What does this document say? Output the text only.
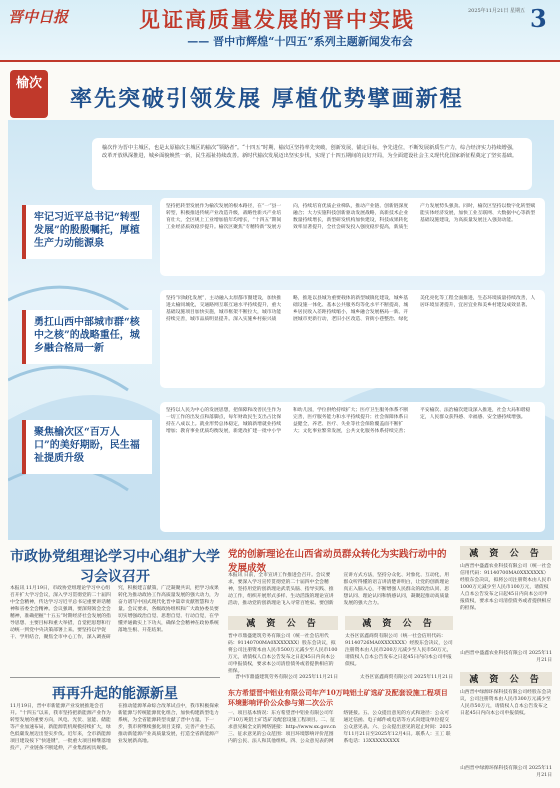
晋中日报	见证高质量发展的晋中实践
—— 晋中市辉煌“十四五”系列主题新闻发布会
2025年11月21日 星期五 3
榆次
率先突破引领发展 厚植优势擘画新程
榆次作为晋中主城区，也是太原榆次主城区的榆次“领路者”。“十四五”时期，榆次区坚持率先突破，创新发展，锚定目标，争先进位，不断发展新质生产力，综合经济实力持续增强，改革开放纵深推进，城乡面貌焕然一新，民生福祉持续改善。新时代榆次发展迈出坚实步伐，实现了十四五期间的良好开局，为全面建设社会主义现代化国家新征程奠定了坚实基础。
牢记习近平总书记“转型发展”的殷殷嘱托，厚植生产力动能源泉
坚持把转型发展作为榆次发展的根本路径，在“一”县一转型，积极推进传统产业改造升级，战略性新兴产业培育壮大，全区规上工业增加值年均增长，“十四五”期间工业经济质效稳步提升。榆次区聚焦“专精特新”发展方向，持续培育优质企业梯队，推动产业链、创新链深度融合；大力实施科技创新驱动发展战略，高新技术企业数量持续增长，新型研发机构加快建设，科技成果转化效率显著提升，全社会研发投入强度稳步提高，新质生产力发展势头强劲。同时，榆次区坚持以数字化转型赋能实体经济发展，加快工业互联网、大数据中心等新型基础设施建设，为高质量发展注入强劲动能。
勇扛山西中部城市群“核中之核”的战略重任，城乡融合格局一新
坚持“同城化发展”，主动融入太原都市圈建设，加快推进太榆同城化，交通路网互联互通水平持续提升，重大基础设施项目加快实施，城市框架不断拉大，城市功能持续完善，城市品质明显提升。深入实施乡村振兴战略，推进以县城为重要载体的新型城镇化建设，城乡基础设施一体化、基本公共服务均等化水平不断提高，城乡居民收入差距持续缩小，城乡融合发展格局一新。开展城市更新行动，老旧小区改造、背街小巷整治、绿化美化亮化等工程全面推进，生态环境质量持续改善，人居环境显著提升，宜居宜业和美乡村建设成效显著。
聚焦榆次区“百万人口”的美好期盼，民生福祉提质升级
坚持以人民为中心的发展思想，把保障和改善民生作为一切工作的出发点和落脚点，每年财政民生支出占比保持在八成以上。就业形势总体稳定，城镇新增就业持续增加；教育事业优质均衡发展，新建改扩建一批中小学和幼儿园，学位供给持续扩大；医疗卫生服务体系不断完善，医疗服务能力和水平持续提升；社会保障体系日益健全，养老、医疗、失业等社会保险覆盖面不断扩大；文化事业繁荣发展，公共文化服务体系持续完善；平安榆次、法治榆次建设深入推进，社会大局和谐稳定，人民群众获得感、幸福感、安全感持续增强。
市政协党组理论学习中心组扩大学习会议召开
本报讯 11月19日，市政协党组理论学习中心组召开扩大学习会议，深入学习贯彻党的二十届四中全会精神，传达学习习近平总书记重要讲话精神和省委全会精神。会议强调，要深刻领会全会精神，准确把握“十五五”时期经济社会发展的指导思想、主要目标和重大举措，自觉把思想和行动统一到党中央决策部署上来。要坚持以学促干、学用结合，聚焦全市中心工作，深入调查研究，积极建言献策，广泛凝聚共识，把学习成果转化为推动政协工作高质量发展的强大动力，为奋力谱写中国式现代化晋中篇章贡献智慧和力量。会议要求，各级政协组织和广大政协委员要切实增强政治自觉、思想自觉、行动自觉，在学懂弄通做实上下功夫，确保全会精神在政协系统落地生根、开花结果。
再再升起的能源新星
11月19日，晋中市新能源产业发展推进会召开。“十四五”以来，我市坚持把新能源产业作为转型发展的重要方向，风电、光伏、氢能、储能等产业加速布局，新能源装机规模持续扩大，绿色低碳发展迈出坚实步伐。近年来，全市新能源项目建设按下“快进键”，一批重大项目相继落地投产，产业链条不断延伸，产业集群初具规模。在推动能源革命综合改革试点中，我市积极探索新能源与传统能源优化组合，加快构建新型电力系统，为全省能源转型贡献了晋中力量。下一步，我市将继续强化项目支撑，完善产业生态，推动新能源产业高质量发展，打造全省新能源产业发展新高地。
党的创新理论在山西省动员群众转化为实践行动中的发展成效
本报讯 日前，全市宣讲工作推进会召开。会议要求，要深入学习宣传贯彻党的二十届四中全会精神，坚持用党的创新理论武装头脑、指导实践、推动工作，组织开展形式多样、生动活泼的理论宣讲活动，推动党的创新理论飞入寻常百姓家。要创新宣讲方式方法，坚持分众化、对象化、互动化，用群众听得懂的语言讲清楚讲明白，让党的创新理论真正入脑入心，不断增强人民群众的政治认同、思想认同、理论认同和情感认同，凝聚起推动高质量发展的强大合力。
减 资 公 告
晋中市鼎盛建筑劳务有限公司（统一社会信用代码：91140700MA0XXXXXXX）股东会决议，拟将公司注册资本由人民币500万元减少至人民币100万元，请债权人自本公告发布之日起45日内向本公司申报债权，要求本公司清偿债务或者提供相应的担保。
晋中市鼎盛建筑劳务有限公司 2025年11月21日
减 资 公 告
太谷区富鑫商贸有限公司（统一社会信用代码：91140726MA0XXXXXXX）经股东会决议，公司注册资本由人民币200万元减少至人民币50万元，请债权人自本公告发布之日起45日内向本公司申报债权。
太谷区富鑫商贸有限公司 2025年11月21日
东方希望晋中铝业有限公司年产10万吨铝土矿选矿及配套设施工程项目环境影响评价公众参与第二次公示
一、项目基本情况：东方希望晋中铝业有限公司年产10万吨铝土矿选矿及配套设施工程项目。二、征求意见稿全文的网络链接：http://www.sx.gov.cn 三、征求意见的公众范围：项目环境影响评价范围内的公民、法人和其他组织。四、公众意见表的网络链接。五、公众提出意见的方式和途径：公众可通过信函、电子邮件或电话等方式向建设单位提交公众意见表。六、公众提出意见的起止时间：2025年11月21日至2025年12月4日。联系人：王工 联系电话：13XXXXXXXXX
减 资 公 告
山西晋中盛鑫农业科技有限公司（统一社会信用代码：91140700MA0XXXXXXX）经股东会决议，拟将公司注册资本由人民币1000万元减少至人民币100万元，请债权人自本公告发布之日起45日内向本公司申报债权，要求本公司清偿债务或者提供相应的担保。
山西晋中盛鑫农业科技有限公司 2025年11月21日
减 资 公 告
山西晋中绿源环保科技有限公司经股东会决议，公司注册资本由人民币300万元减少至人民币50万元，请债权人自本公告发布之日起45日内向本公司申报债权。
山西晋中绿源环保科技有限公司 2025年11月21日
